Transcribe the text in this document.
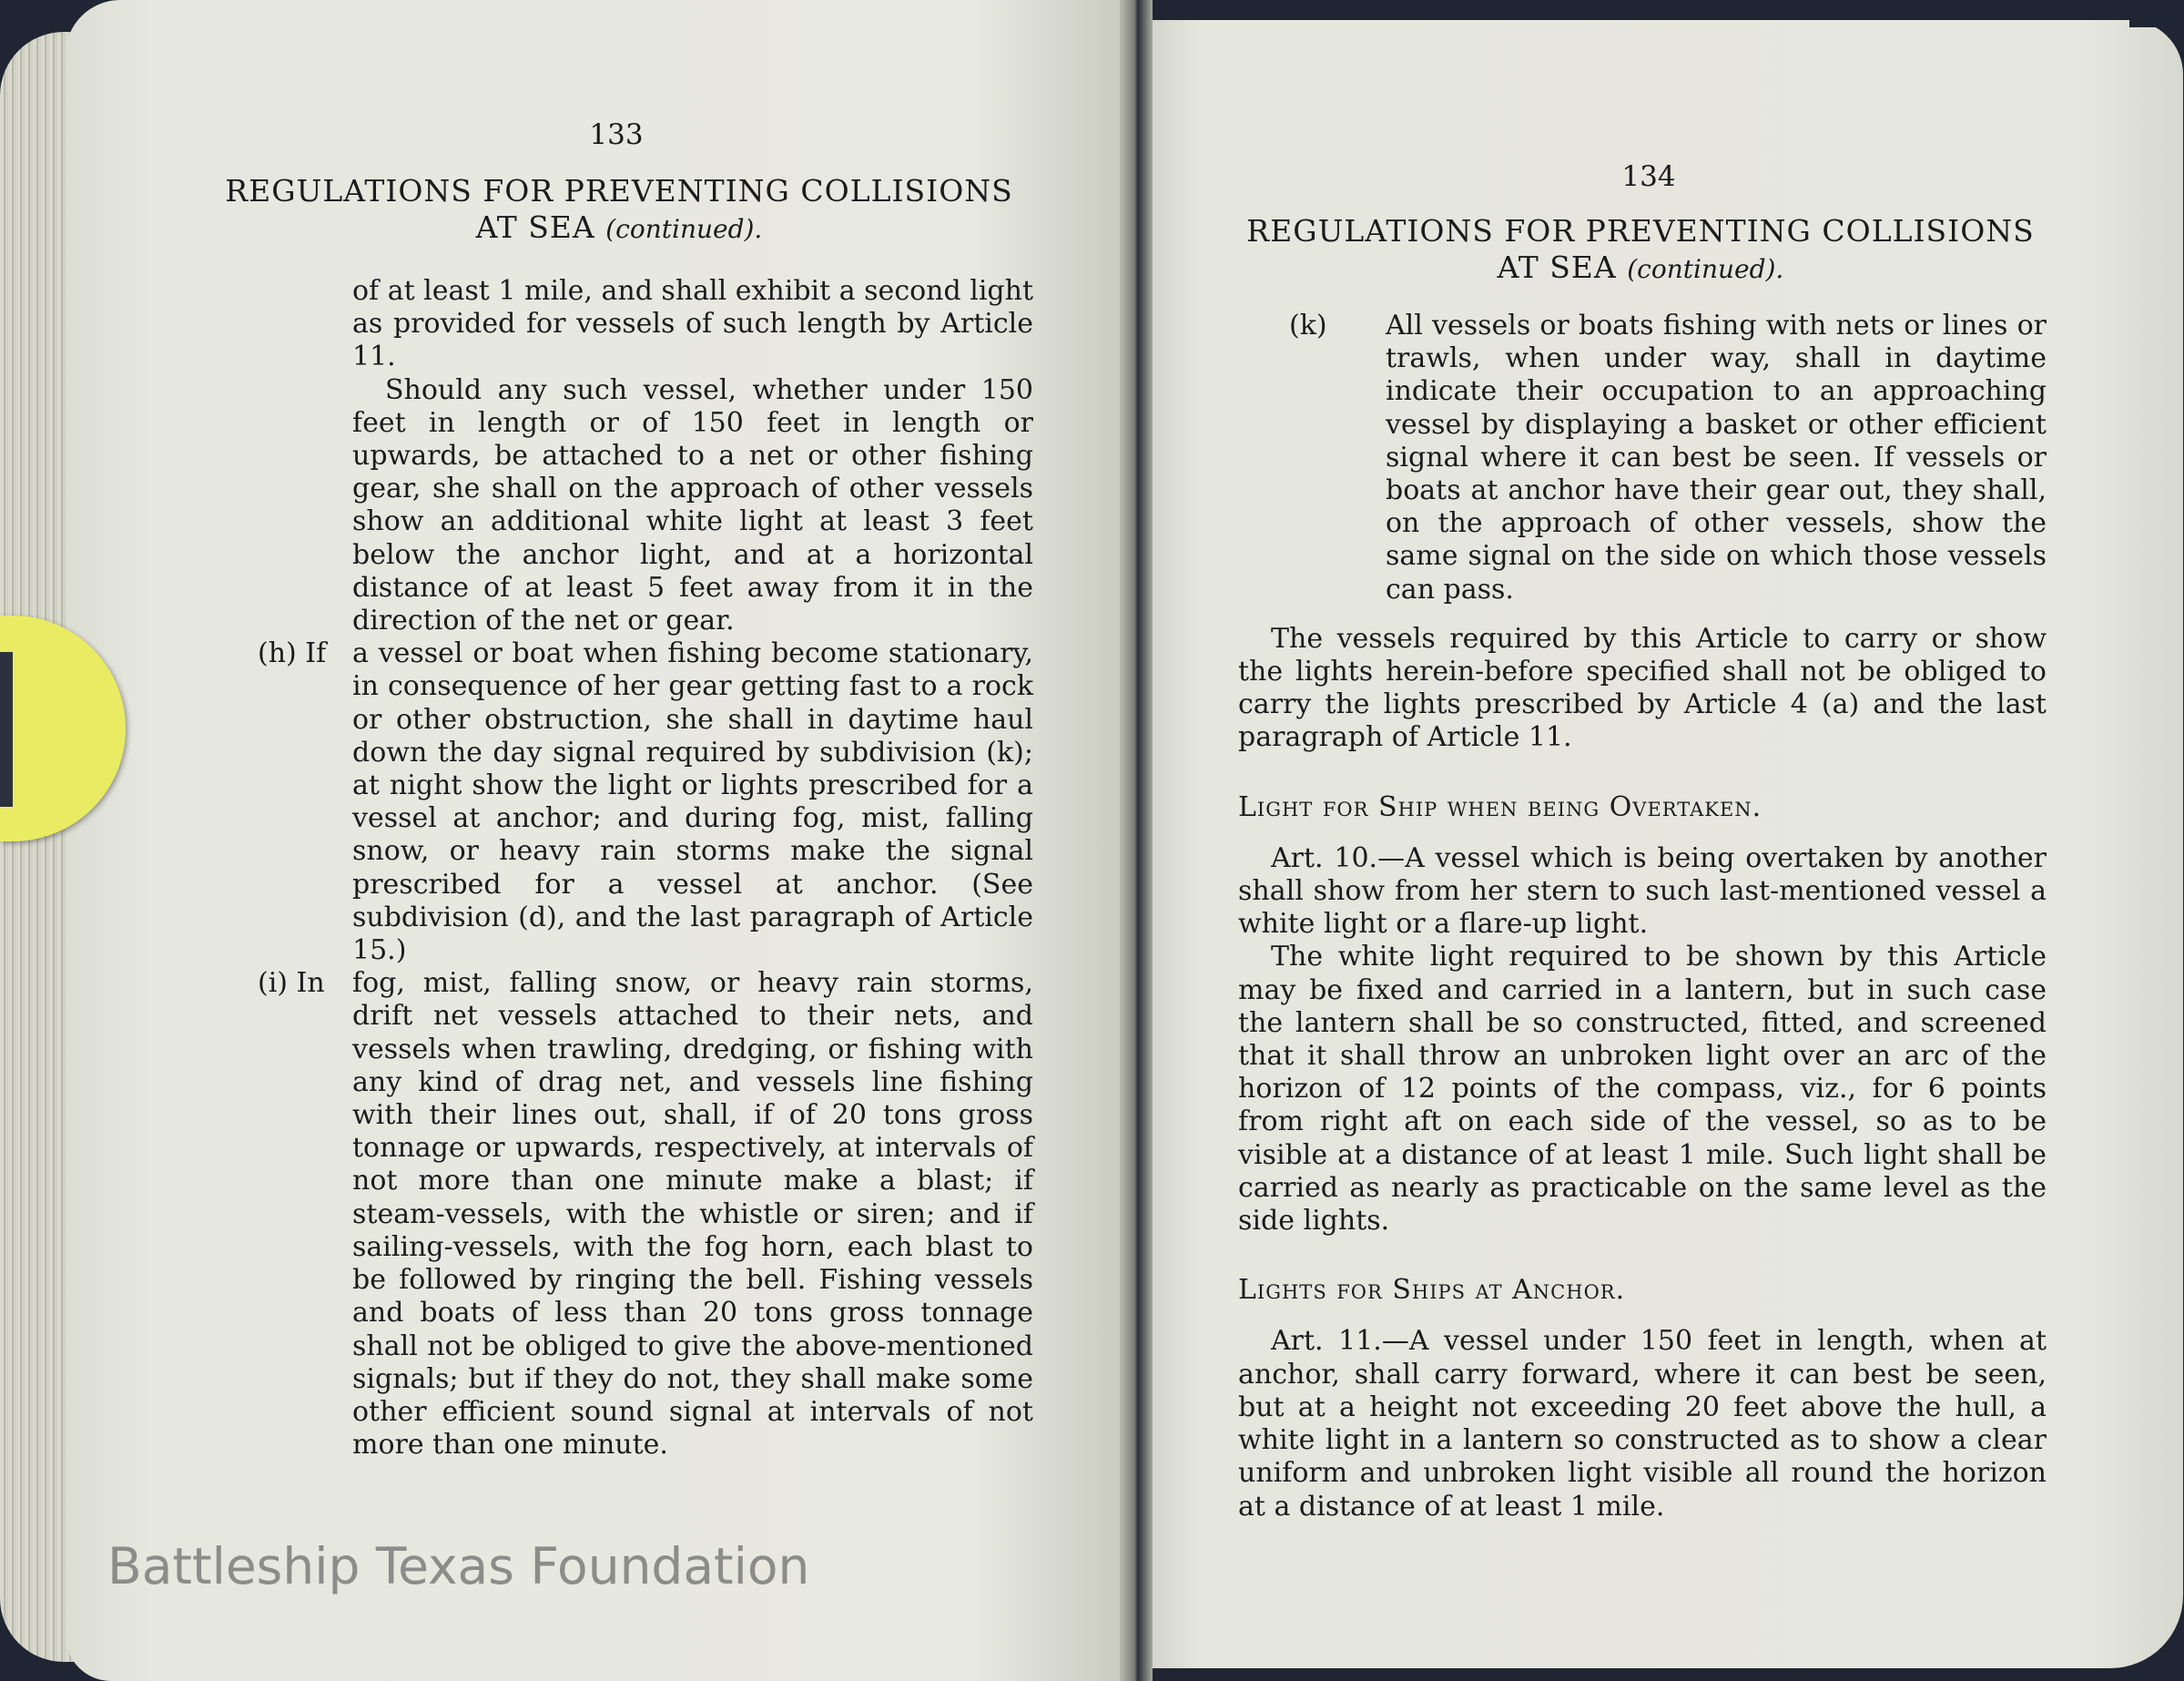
133
REGULATIONS FOR PREVENTING COLLISIONS
AT SEA (continued).

of at least 1 mile, and shall exhibit a second light as provided for vessels of such length by Article 11.

Should any such vessel, whether under 150 feet in length or of 150 feet in length or upwards, be attached to a net or other fishing gear, she shall on the approach of other vessels show an additional white light at least 3 feet below the anchor light, and at a horizontal distance of at least 5 feet away from it in the direction of the net or gear.

(h) If a vessel or boat when fishing become stationary, in consequence of her gear getting fast to a rock or other obstruction, she shall in daytime haul down the day signal required by subdivision (k); at night show the light or lights prescribed for a vessel at anchor; and during fog, mist, falling snow, or heavy rain storms make the signal prescribed for a vessel at anchor. (See subdivision (d), and the last paragraph of Article 15.)

(i) In	fog, mist, falling snow, or heavy rain storms, drift net vessels attached to their nets, and vessels when trawling, dredging, or fishing with any kind of drag net, and vessels line fishing with their lines out, shall, if of 20 tons gross tonnage or upwards, respectively, at intervals of not more than one minute make a blast; if steam-vessels, with the whistle or siren; and if sailing-vessels, with the fog horn, each blast to be followed by ringing the bell. Fishing vessels and boats of less than 20 tons gross tonnage shall not be obliged to give the above-mentioned signals; but if they do not, they shall make some other efficient sound signal at intervals of not more than one minute.

134
REGULATIONS FOR PREVENTING COLLISIONS
AT SEA (continued).
(k)	All vessels or boats fishing with nets or lines or trawls, when under way, shall in daytime indicate their occupation to an approaching vessel by displaying a basket or other efficient signal where it can best be seen. If vessels or boats at anchor have their gear out, they shall, on the approach of other vessels, show the same signal on the side on which those vessels can pass.

The vessels required by this Article to carry or show the lights herein-before specified shall not be obliged to carry the lights prescribed by Article 4 (a) and the last paragraph of Article 11.

Light for Ship when being Overtaken.

Art. 10.—A vessel which is being overtaken by another shall show from her stern to such last-mentioned vessel a white light or a flare-up light.

The white light required to be shown by this Article may be fixed and carried in a lantern, but in such case the lantern shall be so constructed, fitted, and screened that it shall throw an unbroken light over an arc of the horizon of 12 points of the compass, viz., for 6 points from right aft on each side of the vessel, so as to be visible at a distance of at least 1 mile. Such light shall be carried as nearly as practicable on the same level as the side lights.

Lights for Ships at Anchor.

Art. 11.—A vessel under 150 feet in length, when at anchor, shall carry forward, where it can best be seen, but at a height not exceeding 20 feet above the hull, a white light in a lantern so constructed as to show a clear uniform and unbroken light visible all round the horizon at a distance of at least 1 mile.

Battleship Texas Foundation
